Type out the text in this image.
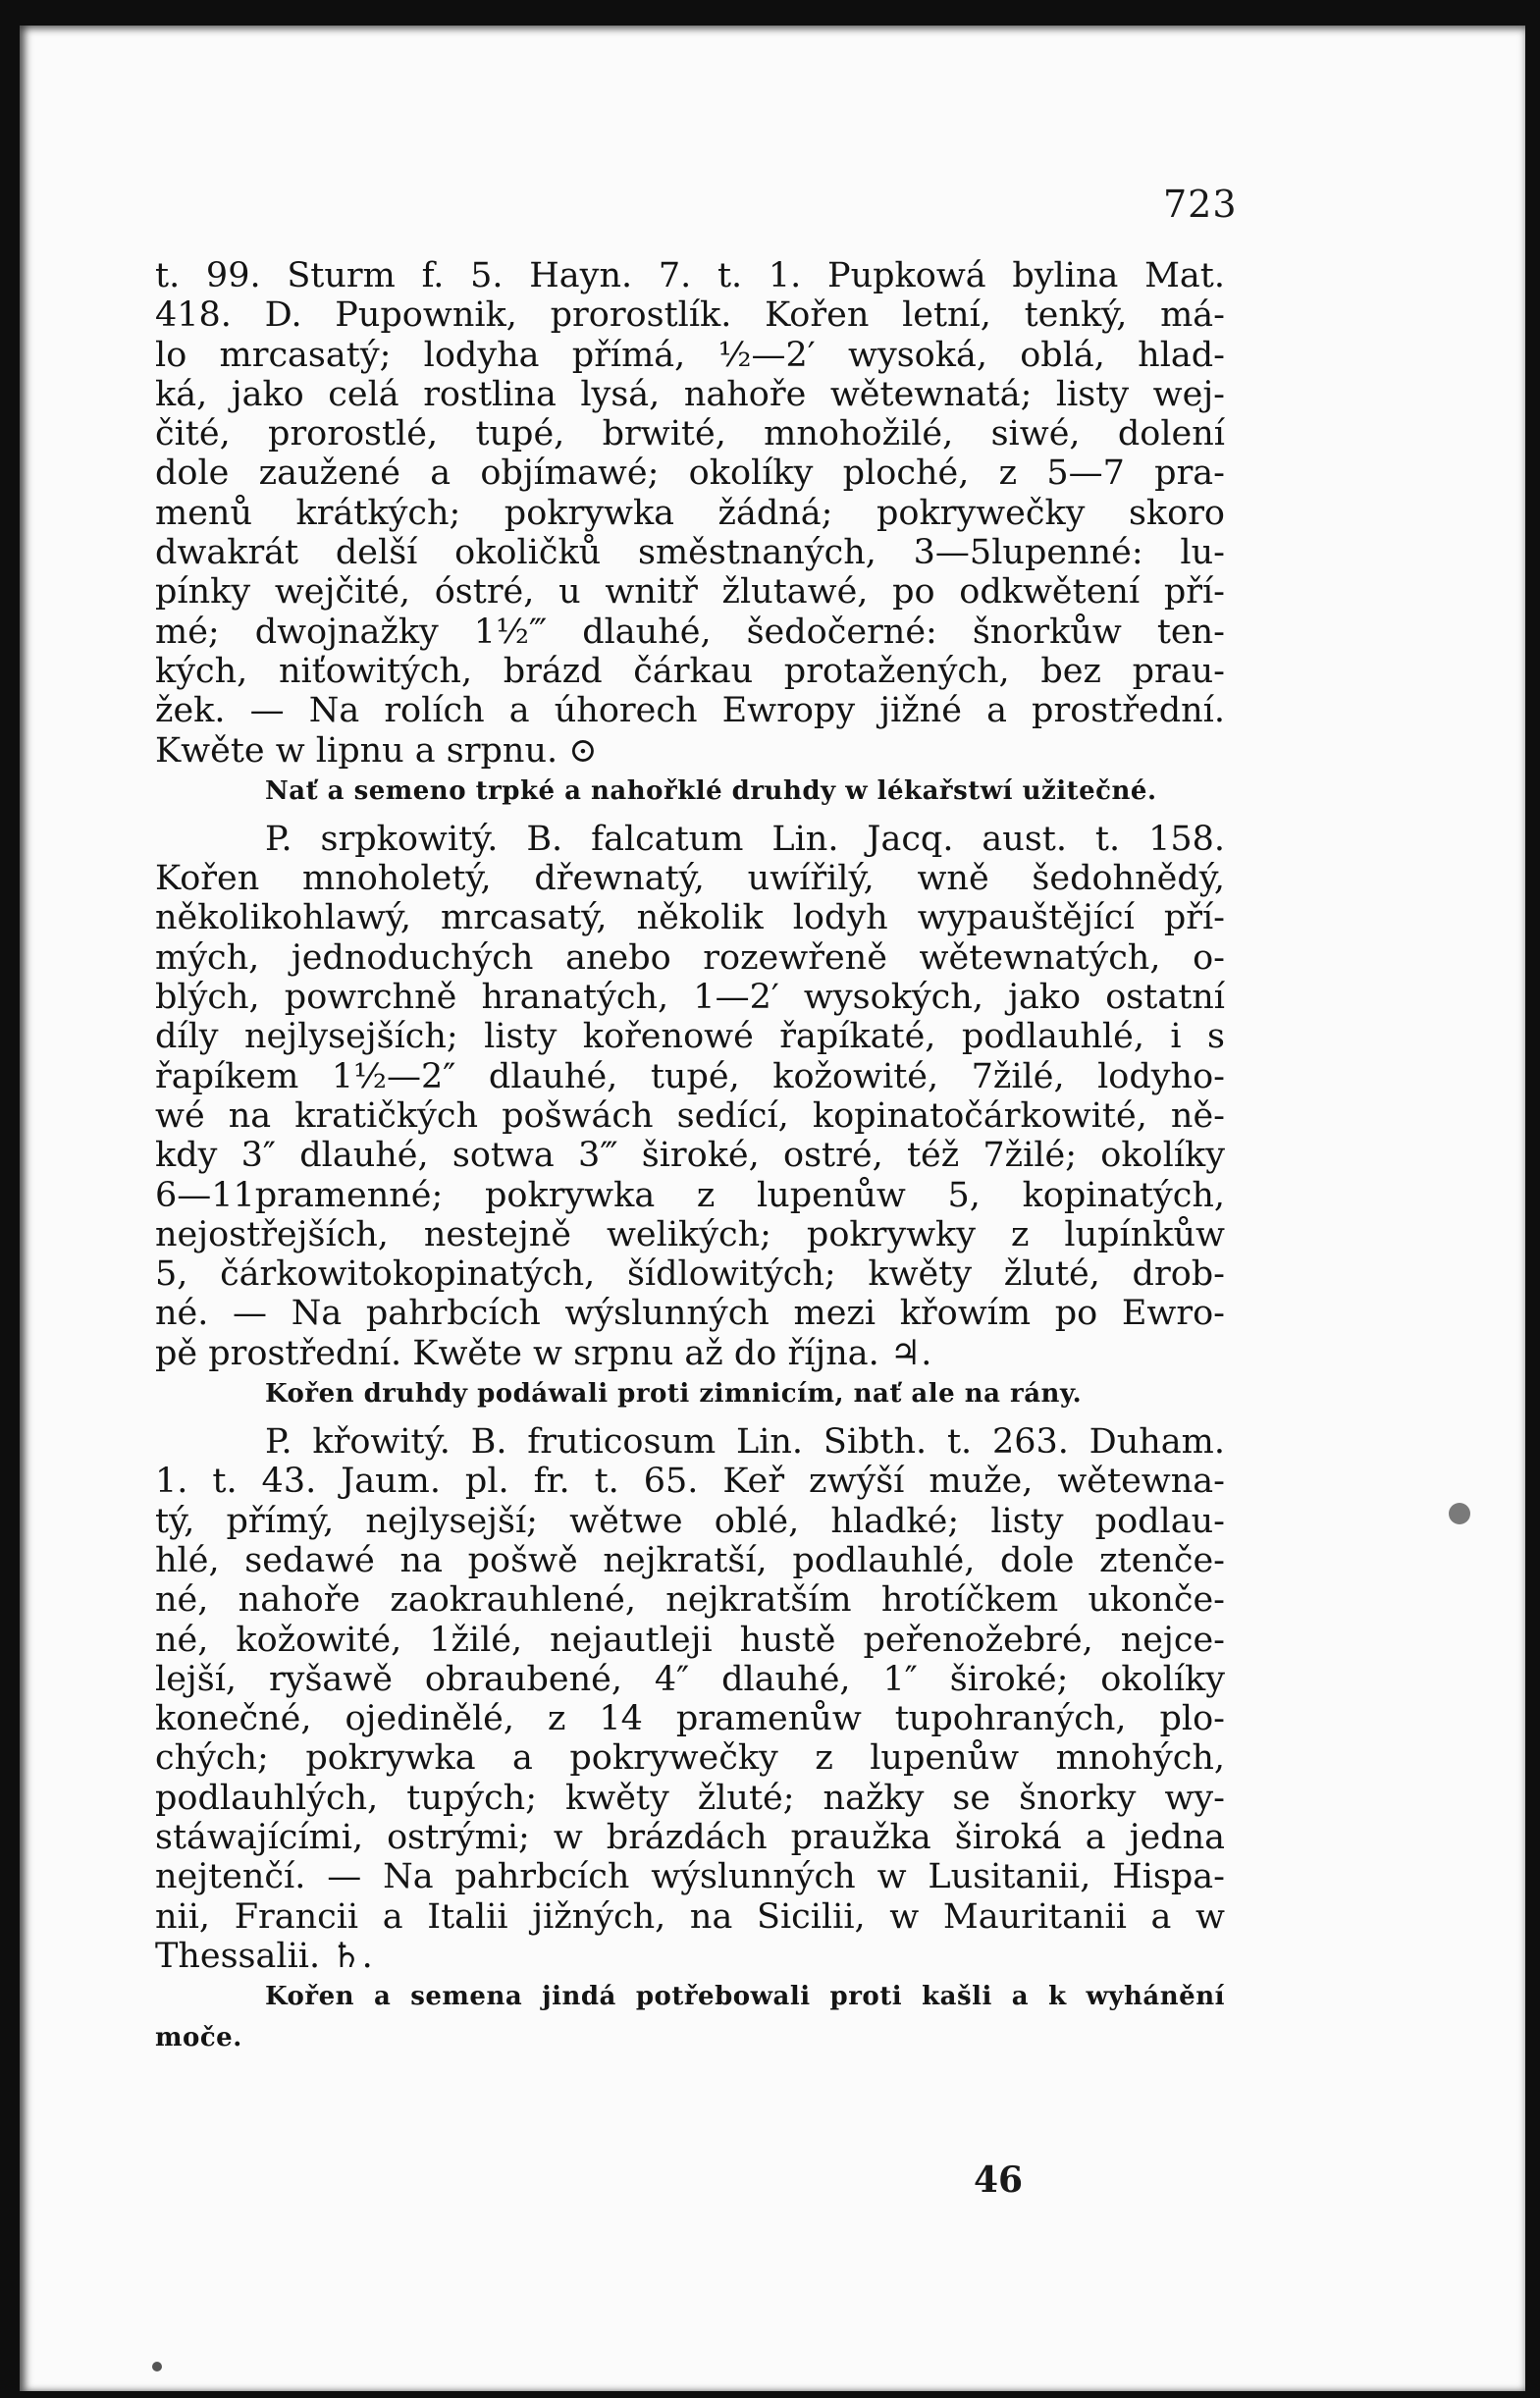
723
t. 99. Sturm f. 5. Hayn. 7. t. 1. Pupkowá bylina Mat.
418. D. Pupownik, prorostlík. Kořen letní, tenký, má-
lo mrcasatý; lodyha přímá, ½—2′ wysoká, oblá, hlad-
ká, jako celá rostlina lysá, nahoře wětewnatá; listy wej-
čité, prorostlé, tupé, brwité, mnohožilé, siwé, dolení
dole zaužené a objímawé; okolíky ploché, z 5—7 pra-
menů krátkých; pokrywka žádná; pokrywečky skoro
dwakrát delší okoličků směstnaných, 3—5lupenné: lu-
pínky wejčité, óstré, u wnitř žlutawé, po odkwětení pří-
mé; dwojnažky 1½‴ dlauhé, šedočerné: šnorkůw ten-
kých, niťowitých, brázd čárkau protažených, bez prau-
žek. — Na rolích a úhorech Ewropy jižné a prostřední.
Kwěte w lipnu a srpnu. ⊙
Nať a semeno trpké a nahořklé druhdy w lékařstwí užitečné.
P. srpkowitý. B. falcatum Lin. Jacq. aust. t. 158.
Kořen mnoholetý, dřewnatý, uwířilý, wně šedohnědý,
několikohlawý, mrcasatý, několik lodyh wypauštějící pří-
mých, jednoduchých anebo rozewřeně wětewnatých, o-
blých, powrchně hranatých, 1—2′ wysokých, jako ostatní
díly nejlysejších; listy kořenowé řapíkaté, podlauhlé, i s
řapíkem 1½—2″ dlauhé, tupé, kožowité, 7žilé, lodyho-
wé na kratičkých pošwách sedící, kopinatočárkowité, ně-
kdy 3″ dlauhé, sotwa 3‴ široké, ostré, též 7žilé; okolíky
6—11pramenné; pokrywka z lupenůw 5, kopinatých,
nejostřejších, nestejně welikých; pokrywky z lupínkůw
5, čárkowitokopinatých, šídlowitých; kwěty žluté, drob-
né. — Na pahrbcích wýslunných mezi křowím po Ewro-
pě prostřední. Kwěte w srpnu až do října. ♃.
Kořen druhdy podáwali proti zimnicím, nať ale na rány.
P. křowitý. B. fruticosum Lin. Sibth. t. 263. Duham.
1. t. 43. Jaum. pl. fr. t. 65. Keř zwýší muže, wětewna-
tý, přímý, nejlysejší; wětwe oblé, hladké; listy podlau-
hlé, sedawé na pošwě nejkratší, podlauhlé, dole ztenče-
né, nahoře zaokrauhlené, nejkratším hrotíčkem ukonče-
né, kožowité, 1žilé, nejautleji hustě peřenožebré, nejce-
lejší, ryšawě obraubené, 4″ dlauhé, 1″ široké; okolíky
konečné, ojedinělé, z 14 pramenůw tupohraných, plo-
chých; pokrywka a pokrywečky z lupenůw mnohých,
podlauhlých, tupých; kwěty žluté; nažky se šnorky wy-
stáwajícími, ostrými; w brázdách praužka široká a jedna
nejtenčí. — Na pahrbcích wýslunných w Lusitanii, Hispa-
nii, Francii a Italii jižných, na Sicilii, w Mauritanii a w
Thessalii. ♄.
Kořen a semena jindá potřebowali proti kašli a k wyhánění
moče.
46
